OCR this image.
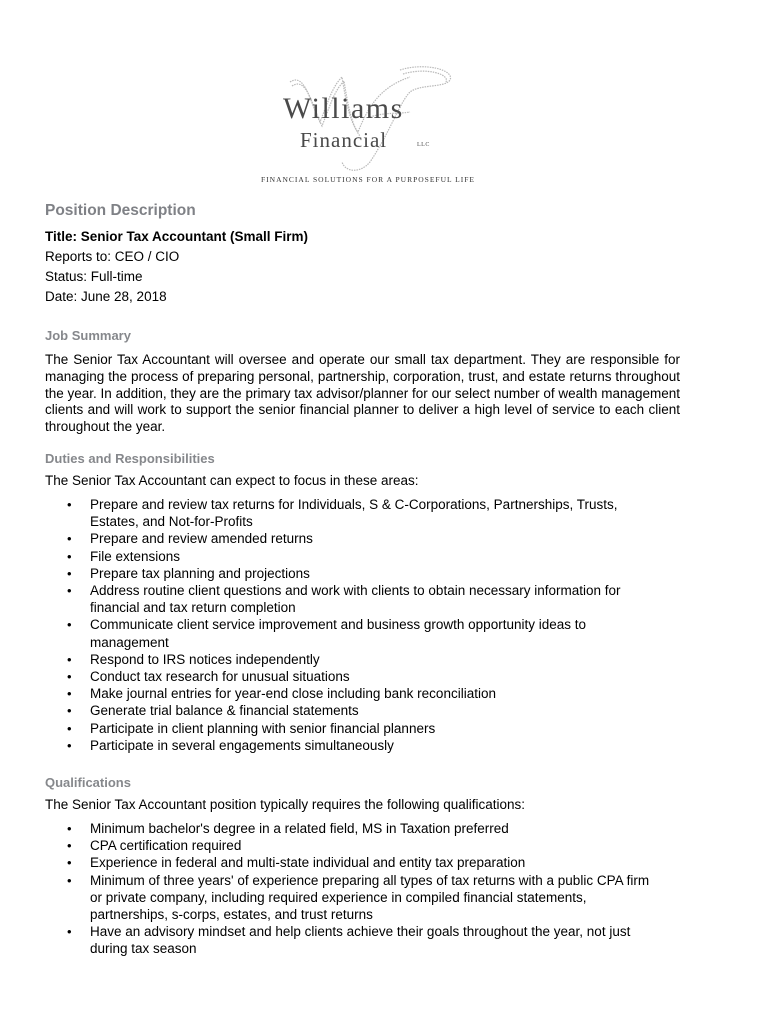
Williams
Financial	LLC
FINANCIAL SOLUTIONS FOR A PURPOSEFUL LIFE
Position Description

Title: Senior Tax Accountant (Small Firm)

Reports to: CEO / CIO

Status: Full-time

Date: June 28, 2018

Job Summary

The Senior Tax Accountant will oversee and operate our small tax department. They are responsible for managing the process of preparing personal, partnership, corporation, trust, and estate returns throughout the year. In addition, they are the primary tax advisor/planner for our select number of wealth management clients and will work to support the senior financial planner to deliver a high level of service to each client throughout the year.

Duties and Responsibilities

The Senior Tax Accountant can expect to focus in these areas:

• Prepare and review tax returns for Individuals, S & C-Corporations, Partnerships, Trusts, Estates, and Not-for-Profits
• Prepare and review amended returns
• File extensions
• Prepare tax planning and projections
• Address routine client questions and work with clients to obtain necessary information for financial and tax return completion
• Communicate client service improvement and business growth opportunity ideas to management
• Respond to IRS notices independently
• Conduct tax research for unusual situations
• Make journal entries for year-end close including bank reconciliation
• Generate trial balance & financial statements
• Participate in client planning with senior financial planners
• Participate in several engagements simultaneously
Qualifications

The Senior Tax Accountant position typically requires the following qualifications:

• Minimum bachelor's degree in a related field, MS in Taxation preferred
• CPA certification required
• Experience in federal and multi-state individual and entity tax preparation
• Minimum of three years' of experience preparing all types of tax returns with a public CPA firm or private company, including required experience in compiled financial statements, partnerships, s-corps, estates, and trust returns
• Have an advisory mindset and help clients achieve their goals throughout the year, not just during tax season
